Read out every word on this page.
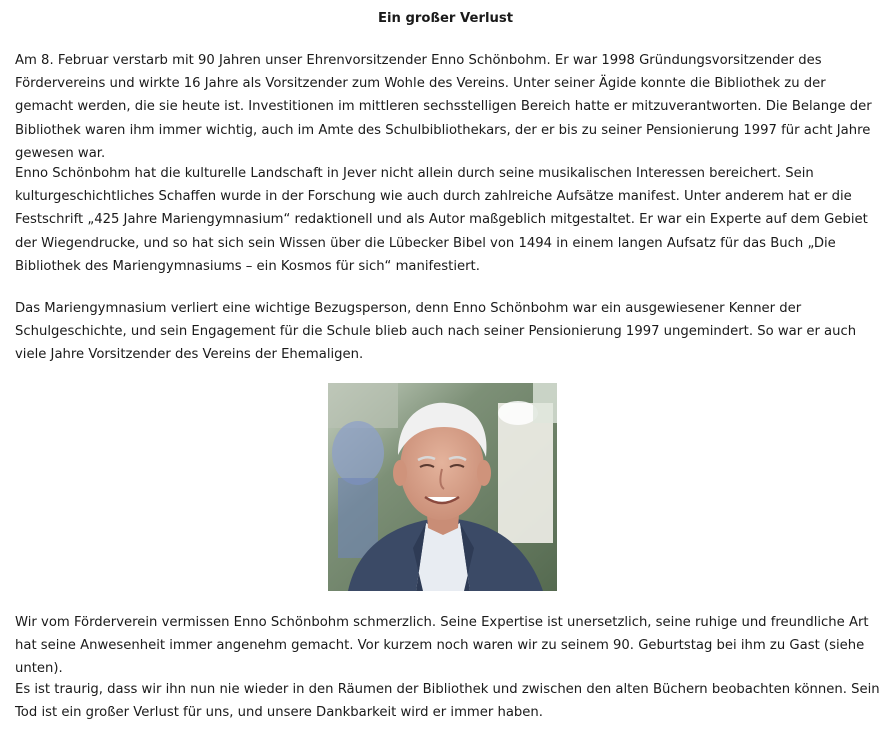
Ein großer Verlust

Am 8. Februar verstarb mit 90 Jahren unser Ehrenvorsitzender Enno Schönbohm. Er war 1998 Gründungsvorsitzender des Fördervereins und wirkte 16 Jahre als Vorsitzender zum Wohle des Vereins. Unter seiner Ägide konnte die Bibliothek zu der gemacht werden, die sie heute ist. Investitionen im mittleren sechsstelligen Bereich hatte er mitzuverantworten. Die Belange der Bibliothek waren ihm immer wichtig, auch im Amte des Schulbibliothekars, der er bis zu seiner Pensionierung 1997 für acht Jahre gewesen war.

Enno Schönbohm hat die kulturelle Landschaft in Jever nicht allein durch seine musikalischen Interessen bereichert. Sein kulturgeschichtliches Schaffen wurde in der Forschung wie auch durch zahlreiche Aufsätze manifest. Unter anderem hat er die Festschrift „425 Jahre Mariengymnasium“ redaktionell und als Autor maßgeblich mitgestaltet. Er war ein Experte auf dem Gebiet der Wiegendrucke, und so hat sich sein Wissen über die Lübecker Bibel von 1494 in einem langen Aufsatz für das Buch „Die Bibliothek des Mariengymnasiums – ein Kosmos für sich“ manifestiert.

Das Mariengymnasium verliert eine wichtige Bezugsperson, denn Enno Schönbohm war ein ausgewiesener Kenner der Schulgeschichte, und sein Engagement für die Schule blieb auch nach seiner Pensionierung 1997 ungemindert. So war er auch viele Jahre Vorsitzender des Vereins der Ehemaligen.

Wir vom Förderverein vermissen Enno Schönbohm schmerzlich. Seine Expertise ist unersetzlich, seine ruhige und freundliche Art hat seine Anwesenheit immer angenehm gemacht. Vor kurzem noch waren wir zu seinem 90. Geburtstag bei ihm zu Gast (siehe unten).

Es ist traurig, dass wir ihn nun nie wieder in den Räumen der Bibliothek und zwischen den alten Büchern beobachten können. Sein Tod ist ein großer Verlust für uns, und unsere Dankbarkeit wird er immer haben.
